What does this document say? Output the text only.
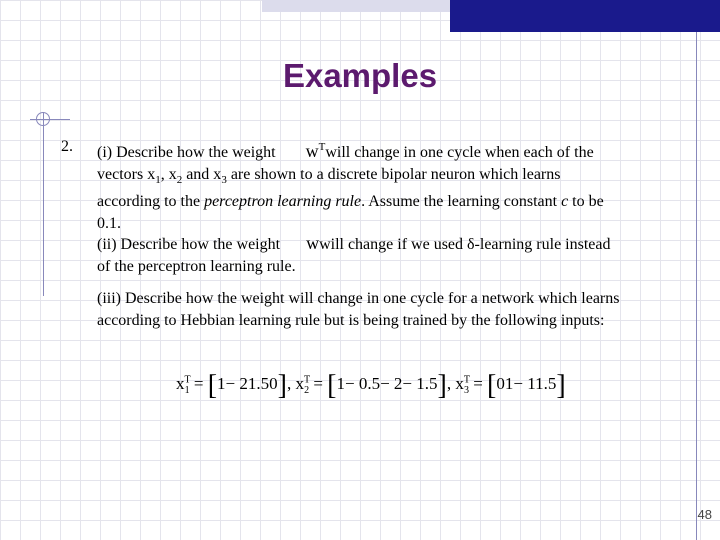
Examples
2. (i) Describe how the weight $w^Twill$ change in one cycle when each of the
vectors $x_1$, $x_2$ and $x_3$ are shown to a discrete bipolar neuron which learns
according to the perceptron learning rule. Assume the learning constant c to be
0.1.
(ii) Describe how the weight wwill change if we used δ-learning rule instead
of the perceptron learning rule.
(iii) Describe how the weight will change in one cycle for a network which learns according to Hebbian learning rule but is being trained by the following inputs:
$x^T_1 = [1- 21.50]$, $x^T_2 = [1- 0.5- 2- 1.5]$, $x^T_3 = [01- 11.5]$
48
